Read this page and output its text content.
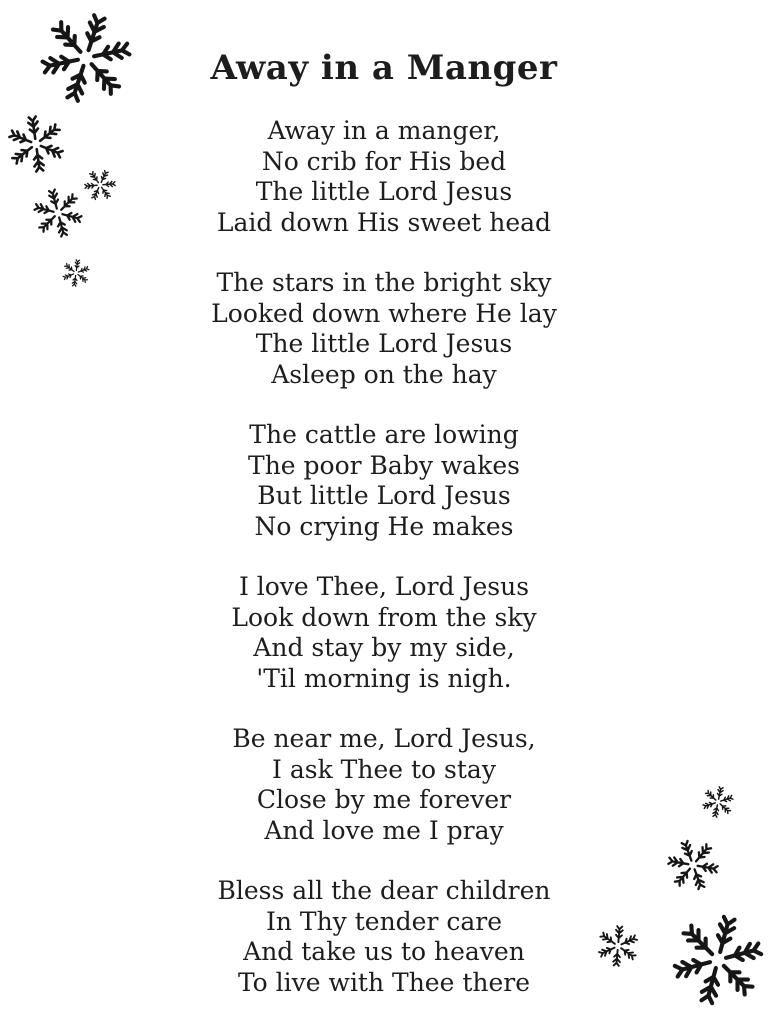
Away in a Manger

Away in a manger,

No crib for His bed

The little Lord Jesus

Laid down His sweet head

The stars in the bright sky

Looked down where He lay

The little Lord Jesus

Asleep on the hay

The cattle are lowing

The poor Baby wakes

But little Lord Jesus

No crying He makes

I love Thee, Lord Jesus

Look down from the sky

And stay by my side,

'Til morning is nigh.

Be near me, Lord Jesus,

I ask Thee to stay

Close by me forever

And love me I pray

Bless all the dear children

In Thy tender care

And take us to heaven

To live with Thee there
